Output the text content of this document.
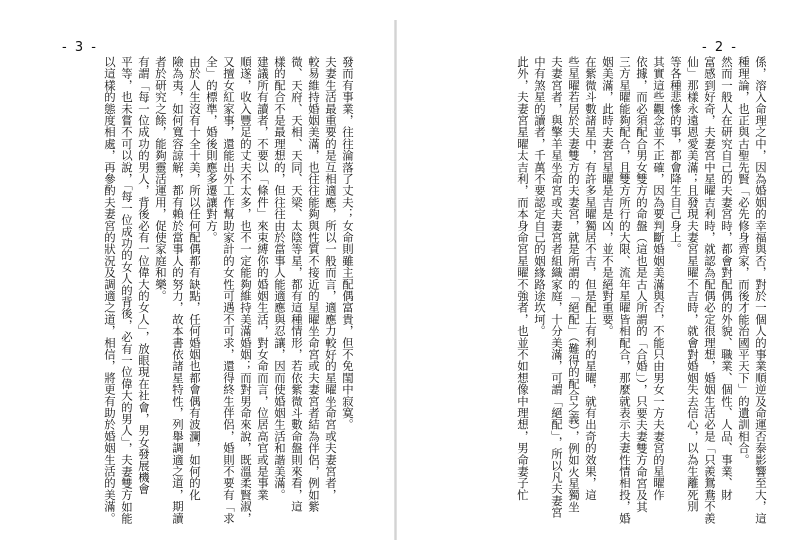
- 3 -
發而有事業，往往淪落了丈夫；女命則雖主配偶富貴，但不免閨中寂寞。
夫妻生活最重要的是互相適應，所以一般而言，適應力較好的星曜坐命宮或夫妻宮者，
較易維持婚姻美滿，也往往能夠與性質不接近的星曜坐命宮或夫妻宮者結為伴侶，例如紫
微、天府、天相、天同、天梁、太陰等星，都有這種情形，若依紫微斗數命盤則來看，這
樣的配合不是最理想的，但往往由於當事人能適應與忍讓，因而使婚姻生活和諧美滿。
建議所有讀者，不要以「條件」來束縛你的婚姻生活，對女命而言，位居高官或是事業
順遂，收入豐足的丈夫不太多，也不一定能夠維持美滿婚姻；而對男命來說，既溫柔賢淑，
又擅女紅家事，還能出外工作幫助家計的女性可遇不可求，還得終生伴侶，婚則不要有「求
全」的標準，婚後則應多遷讓對方。
由於人生沒有十全十美，所以任何配偶都有缺點，任何婚姻也都會偶有波瀾，如何的化
險為夷，如何寬容諒解，都有賴於當事人的努力，故本書依諸星特性，列舉調適之道，期讀
者於研究之餘，能夠靈活運用，促使家庭和樂。
有謂「每一位成功的男人，背後必有一位偉大的女人」，放眼現在社會，男女發展機會
平等，也未嘗不可以說，「每一位成功的女人的背後，必有一位偉大的男人」，夫妻雙方如能
以這樣的態度相處，再參酌夫妻宮的狀況及調適之道，相信，將更有助於婚姻生活的美滿。
- 2 -
係，溶入命理之中，因為婚姻的幸福與否，對於一個人的事業順逆及命運否泰影響至大，這
種理論，也正與古聖先賢「必先修身齊家，而後才能治國平天下」的遺訓相合。
然而一般人在研究自己的夫妻宮時，都會對配偶的外貌、職業、個性、人品、事業、財
富感到好奇，夫妻宮中星曜吉利時，就認為配偶必定很理想，婚姻生活必是「只羨鴛鴦不羨
仙」那樣永遠恩愛美滿；且發現夫妻宮星曜不吉時，就會對婚姻失去信心，以為生離死別
等各種悲慘的事，都會降生自己身上。
其實這些觀念並不正確，因為要判斷婚姻美滿與否，不能只由男女一方夫妻宮的星曜作
依據，而必須配合男女雙方的命盤（這也是古人所謂的「合婚」），只要夫妻雙方命宮及其
三方星曜能夠配合，且雙方所行的大限、流年星曜皆相配合，那麼就表示夫妻性情相投，婚
姻美滿，此時夫妻宮星曜是吉是凶，並不是絕對重要。
在紫微斗數諸星中，有許多星曜獨居不吉，但是配上有利的星曜，就有出奇的效果，這
些星曜若居於夫妻雙方的夫妻宮，就是所謂的「絕配」（難得的配合之義），例如火星獨坐
夫妻宮者，與擎羊星坐命宮或夫妻宮者組織家庭，十分美滿，可謂「絕配」，所以凡夫妻宮
中有煞星的讀者，千萬不要認定自己的姻緣路途坎坷。
此外，夫妻宮星曜太吉利，而本身命宮星曜不強者，也並不如想像中理想，男命妻子忙
